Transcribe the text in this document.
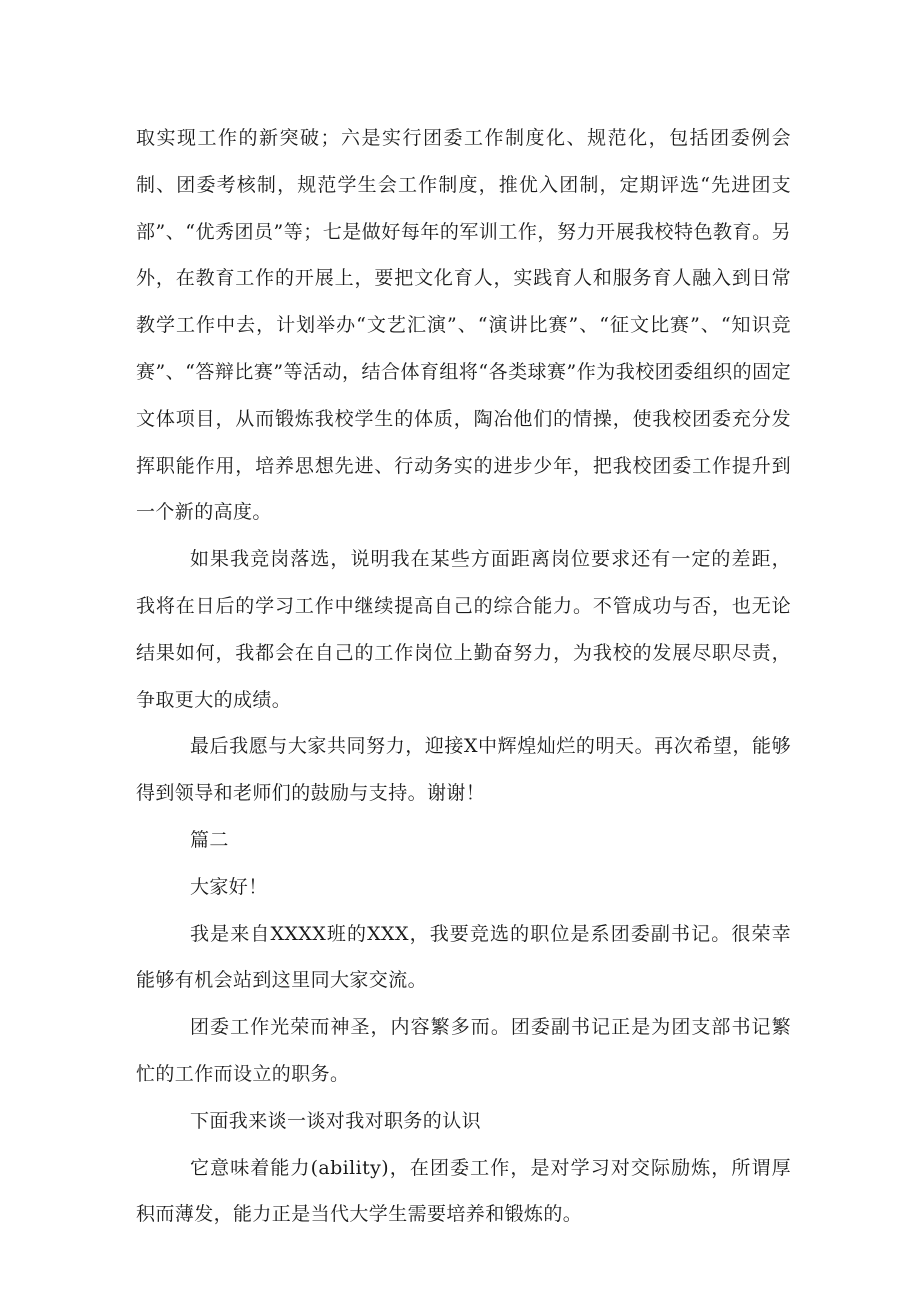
取实现工作的新突破；六是实行团委工作制度化、规范化，包括团委例会制、团委考核制，规范学生会工作制度，推优入团制，定期评选“先进团支部”、“优秀团员”等；七是做好每年的军训工作，努力开展我校特色教育。另外，在教育工作的开展上，要把文化育人，实践育人和服务育人融入到日常教学工作中去，计划举办“文艺汇演”、“演讲比赛”、“征文比赛”、“知识竞赛”、“答辩比赛”等活动，结合体育组将“各类球赛”作为我校团委组织的固定文体项目，从而锻炼我校学生的体质，陶冶他们的情操，使我校团委充分发挥职能作用，培养思想先进、行动务实的进步少年，把我校团委工作提升到一个新的高度。

如果我竞岗落选，说明我在某些方面距离岗位要求还有一定的差距，我将在日后的学习工作中继续提高自己的综合能力。不管成功与否，也无论结果如何，我都会在自己的工作岗位上勤奋努力，为我校的发展尽职尽责，争取更大的成绩。

最后我愿与大家共同努力，迎接X中辉煌灿烂的明天。再次希望，能够得到领导和老师们的鼓励与支持。谢谢！

篇二

大家好！

我是来自XXXX班的XXX，我要竞选的职位是系团委副书记。很荣幸能够有机会站到这里同大家交流。

团委工作光荣而神圣，内容繁多而。团委副书记正是为团支部书记繁忙的工作而设立的职务。

下面我来谈一谈对我对职务的认识

它意味着能力(ability)，在团委工作，是对学习对交际励炼，所谓厚积而薄发，能力正是当代大学生需要培养和锻炼的。
